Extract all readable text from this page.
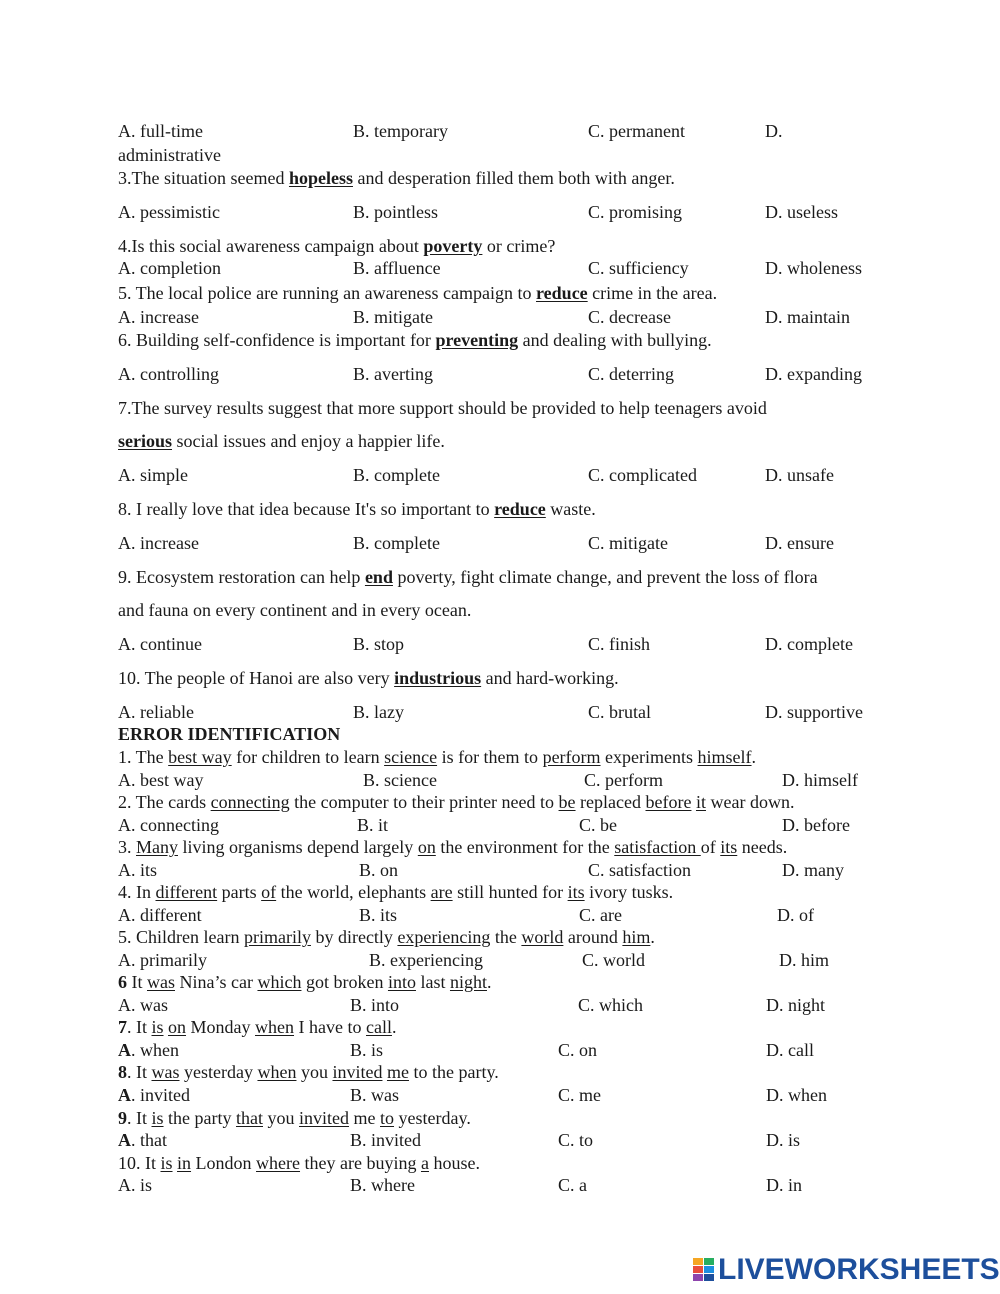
A. full-time	B. temporary	C. permanent	D.
administrative
3.The situation seemed hopeless and desperation filled them both with anger.
A. pessimistic	B. pointless	C. promising	D. useless
4.Is this social awareness campaign about poverty or crime?
A. completion	B. affluence	C. sufficiency	D. wholeness
5. The local police are running an awareness campaign to reduce crime in the area.
A. increase	B. mitigate	C. decrease	D. maintain
6. Building self-confidence is important for preventing and dealing with bullying.
A. controlling	B. averting	C. deterring	D. expanding
7.The survey results suggest that more support should be provided to help teenagers avoid
serious social issues and enjoy a happier life.
A. simple	B. complete	C. complicated	D. unsafe
8. I really love that idea because It's so important to reduce waste.
A. increase	B. complete	C. mitigate	D. ensure
9. Ecosystem restoration can help end poverty, fight climate change, and prevent the loss of flora
and fauna on every continent and in every ocean.
A. continue	B. stop	C. finish	D. complete
10. The people of Hanoi are also very industrious and hard-working.
A. reliable	B. lazy	C. brutal	D. supportive
ERROR IDENTIFICATION
1. The best way for children to learn science is for them to perform experiments himself.
A. best way	B. science	C. perform	D. himself
2. The cards connecting the computer to their printer need to be replaced before it wear down.
A. connecting	B. it	C. be	D. before
3. Many living organisms depend largely on the environment for the satisfaction of its needs.
A. its	B. on	C. satisfaction	D. many
4. In different parts of the world, elephants are still hunted for its ivory tusks.
A. different	B. its	C. are	D. of
5. Children learn primarily by directly experiencing the world around him.
A. primarily	B. experiencing	C. world	D. him
6 It was Nina’s car which got broken into last night.
A. was	B. into	C. which	D. night
7. It is on Monday when I have to call.
A. when	B. is	C. on	D. call
8. It was yesterday when you invited me to the party.
A. invited	B. was	C. me	D. when
9. It is the party that you invited me to yesterday.
A. that	B. invited	C. to	D. is
10. It is in London where they are buying a house.
A. is	B. where	C. a	D. in
LIVEWORKSHEETS
